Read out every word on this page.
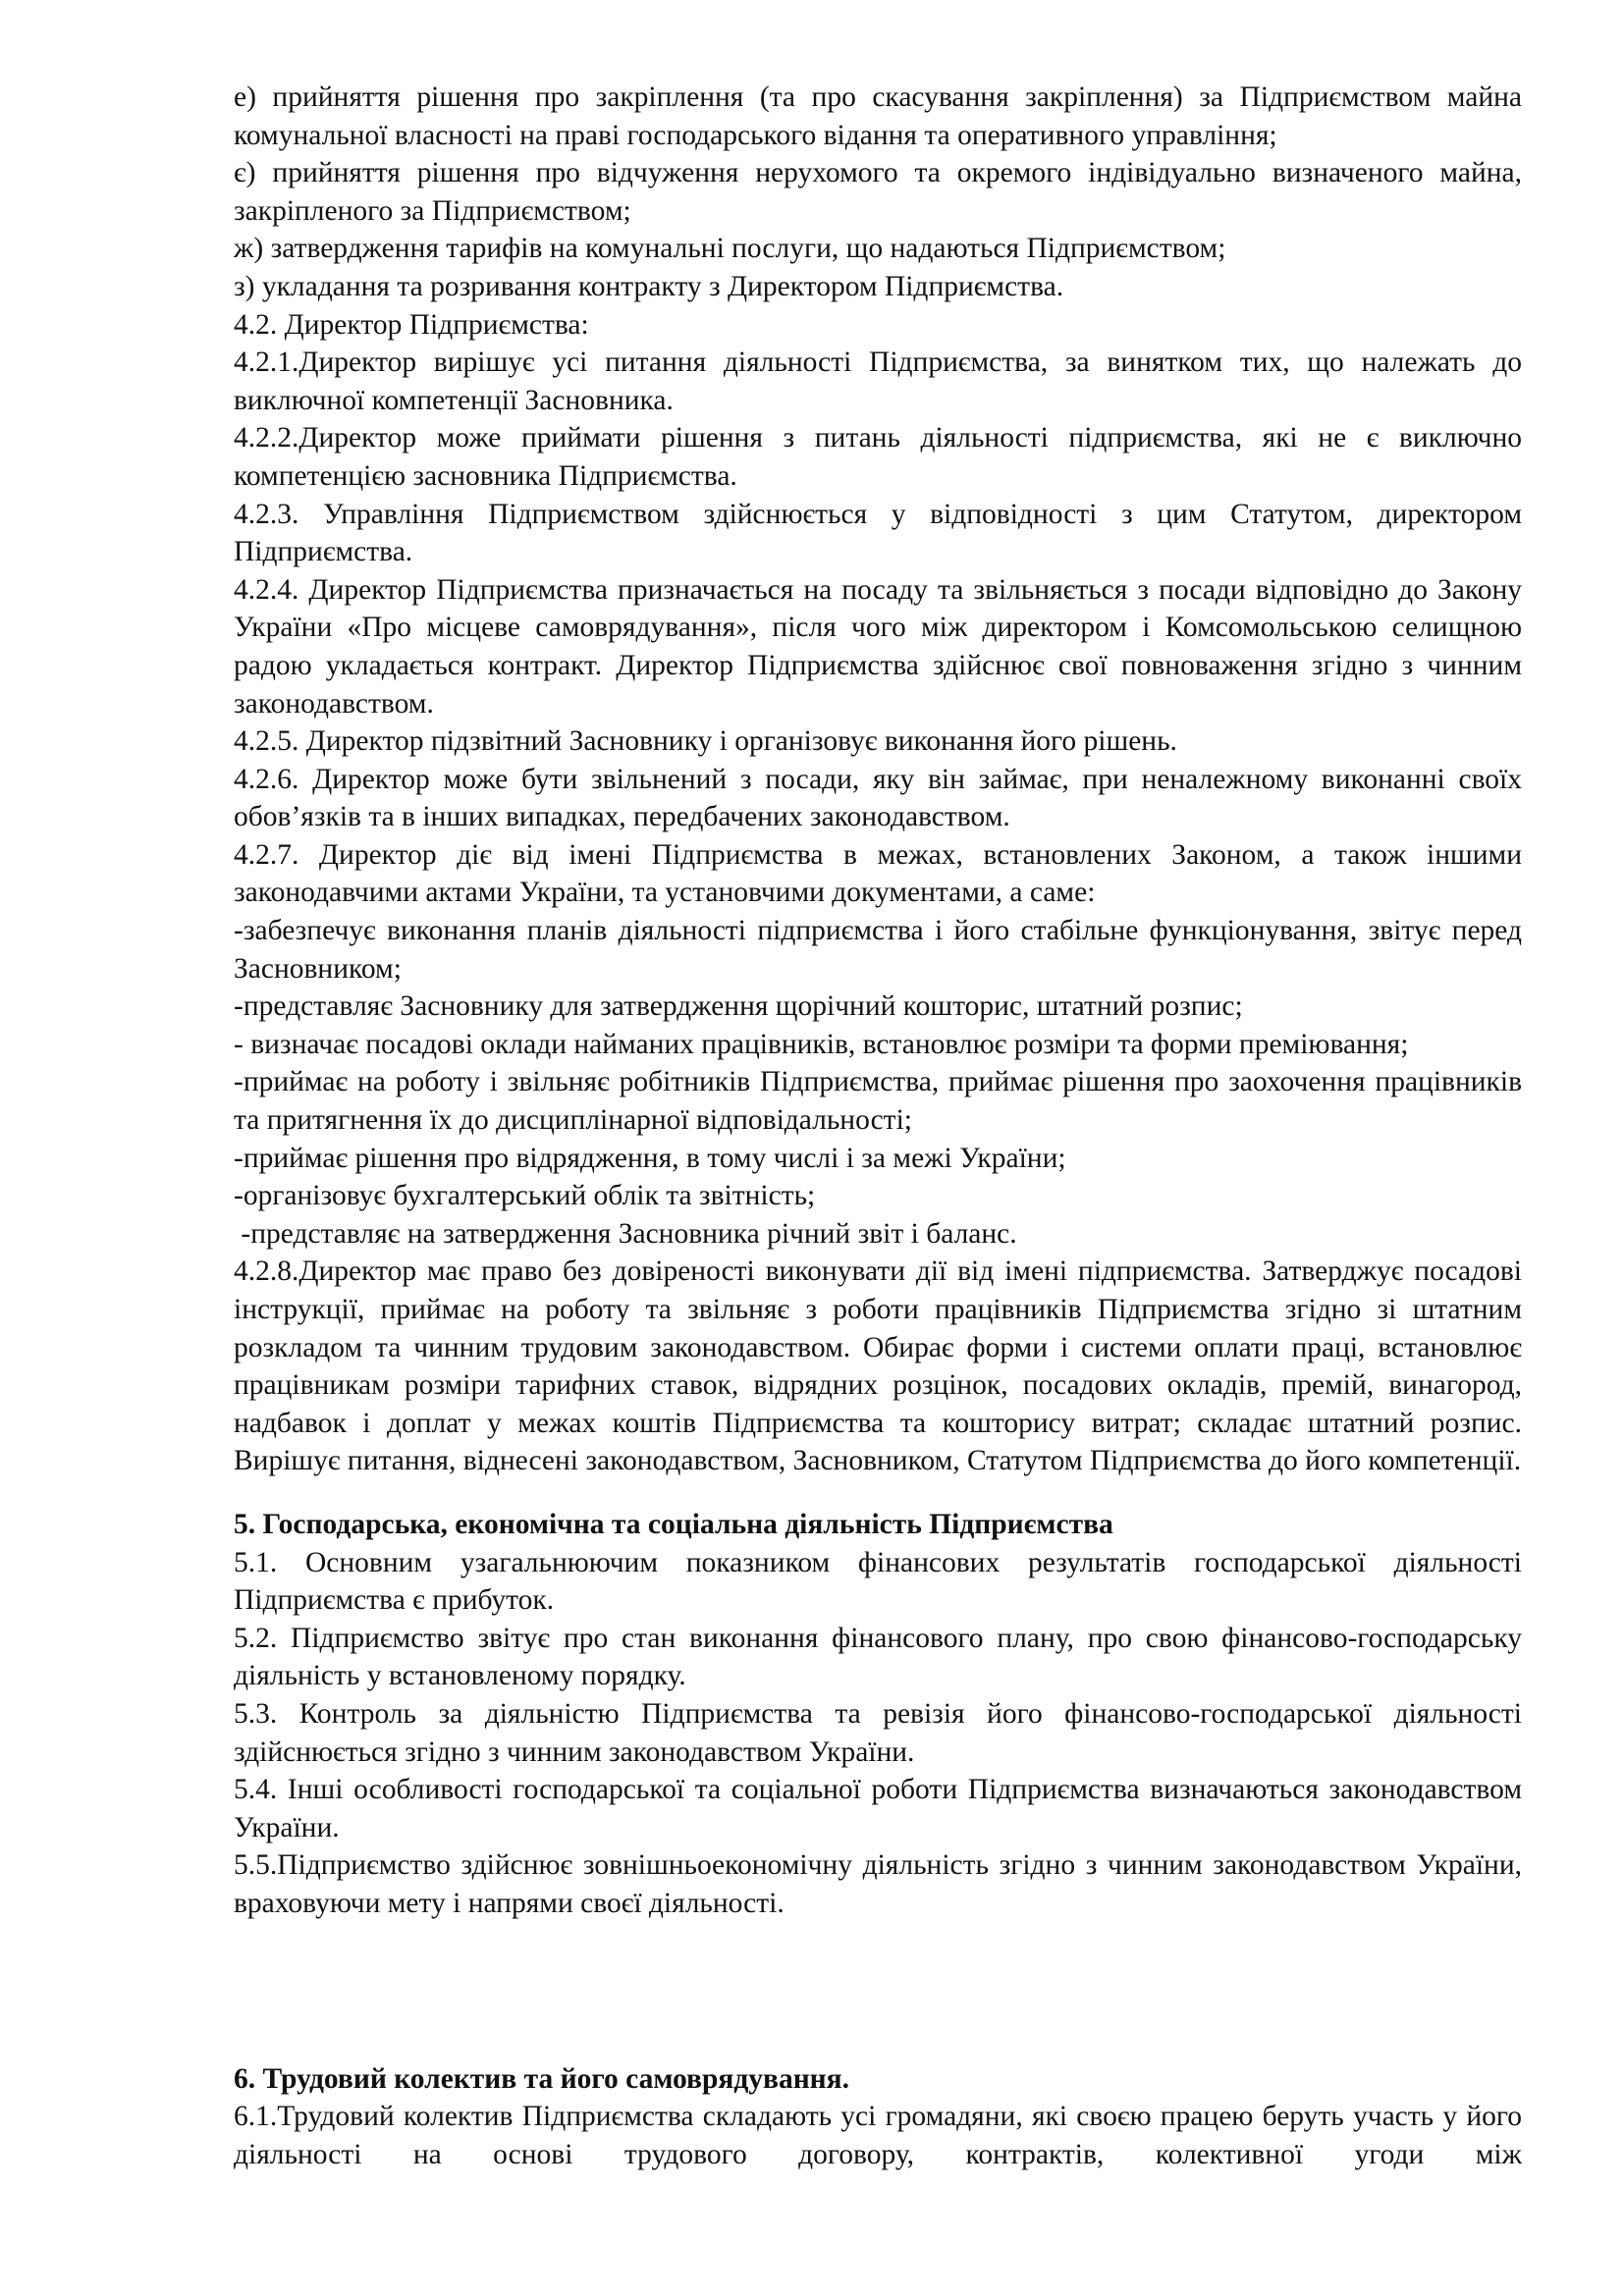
е) прийняття рішення про закріплення (та про скасування закріплення) за Підприємством майна комунальної власності на праві господарського відання та оперативного управління;

є) прийняття рішення про відчуження нерухомого та окремого індівідуально визначеного майна, закріпленого за Підприємством;

ж) затвердження тарифів на комунальні послуги, що надаються Підприємством;

з) укладання та розривання контракту з Директором Підприємства.

4.2. Директор Підприємства:

4.2.1.Директор вирішує усі питання діяльності Підприємства, за винятком тих, що належать до виключної компетенції Засновника.

4.2.2.Директор може приймати рішення з питань діяльності підприємства, які не є виключно компетенцією засновника Підприємства.

4.2.3. Управління Підприємством здійснюється у відповідності з цим Статутом, директором Підприємства.

4.2.4. Директор Підприємства призначається на посаду та звільняється з посади відповідно до Закону України «Про місцеве самоврядування», після чого між директором і Комсомольською селищною радою укладається контракт. Директор Підприємства здійснює свої повноваження згідно з чинним законодавством.

4.2.5. Директор підзвітний Засновнику і організовує виконання його рішень.

4.2.6. Директор може бути звільнений з посади, яку він займає, при неналежному виконанні своїх обов’язків та в інших випадках, передбачених законодавством.

4.2.7. Директор діє від імені Підприємства в межах, встановлених Законом, а також іншими законодавчими актами України, та установчими документами, а саме:

-забезпечує виконання планів діяльності підприємства і його стабільне функціонування, звітує перед Засновником;

-представляє Засновнику для затвердження щорічний кошторис, штатний розпис;

- визначає посадові оклади найманих працівників, встановлює розміри та форми преміювання;

-приймає на роботу і звільняє робітників Підприємства, приймає рішення про заохочення працівників та притягнення їх до дисциплінарної відповідальності;

-приймає рішення про відрядження, в тому числі і за межі України;

-організовує бухгалтерський облік та звітність;

-представляє на затвердження Засновника річний звіт і баланс.

4.2.8.Директор має право без довіреності виконувати дії від імені підприємства. Затверджує посадові інструкції, приймає на роботу та звільняє з роботи працівників Підприємства згідно зі штатним розкладом та чинним трудовим законодавством. Обирає форми і системи оплати праці, встановлює працівникам розміри тарифних ставок, відрядних розцінок, посадових окладів, премій, винагород, надбавок і доплат у межах коштів Підприємства та кошторису витрат; складає штатний розпис. Вирішує питання, віднесені законодавством, Засновником, Статутом Підприємства до його компетенції.

5. Господарська, економічна та соціальна діяльність Підприємства

5.1. Основним узагальнюючим показником фінансових результатів господарської діяльності Підприємства є прибуток.

5.2. Підприємство звітує про стан виконання фінансового плану, про свою фінансово-господарську діяльність у встановленому порядку.

5.3. Контроль за діяльністю Підприємства та ревізія його фінансово-господарської діяльності здійснюється згідно з чинним законодавством України.

5.4. Інші особливості господарської та соціальної роботи Підприємства визначаються законодавством України.

5.5.Підприємство здійснює зовнішньоекономічну діяльність згідно з чинним законодавством України, враховуючи мету і напрями своєї діяльності.

6. Трудовий колектив та його самоврядування.

6.1.Трудовий колектив Підприємства складають усі громадяни, які своєю працею беруть участь у його діяльності на основі трудового договору, контрактів, колективної угоди між
